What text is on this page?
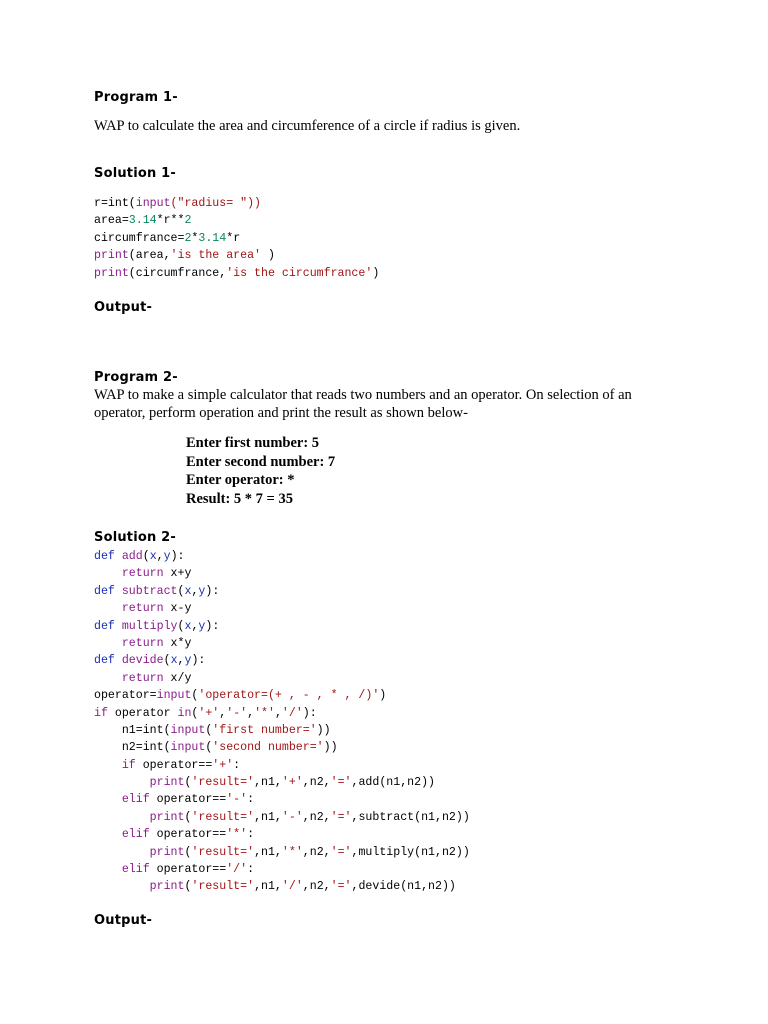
Program 1-
WAP to calculate the area and circumference of a circle if radius is given.
Solution 1-
r=int(input("radius= "))
area=3.14*r**2
circumfrance=2*3.14*r
print(area,'is the area' )
print(circumfrance,'is the circumfrance')
Output-
Program 2-
WAP to make a simple calculator that reads two numbers and an operator. On selection of an operator, perform operation and print the result as shown below-
Enter first number: 5
Enter second number: 7
Enter operator: *
Result: 5 * 7 = 35
Solution 2-
def add(x,y):
return x+y
def subtract(x,y):
return x-y
def multiply(x,y):
return x*y
def devide(x,y):
return x/y
operator=input('operator=(+ , - , * , /)')
if operator in('+','-','*','/'):
n1=int(input('first number='))
n2=int(input('second number='))
if operator=='+':
print('result=',n1,'+',n2,'=',add(n1,n2))
elif operator=='-':
print('result=',n1,'-',n2,'=',subtract(n1,n2))
elif operator=='*':
print('result=',n1,'*',n2,'=',multiply(n1,n2))
elif operator=='/':
print('result=',n1,'/',n2,'=',devide(n1,n2))
Output-
